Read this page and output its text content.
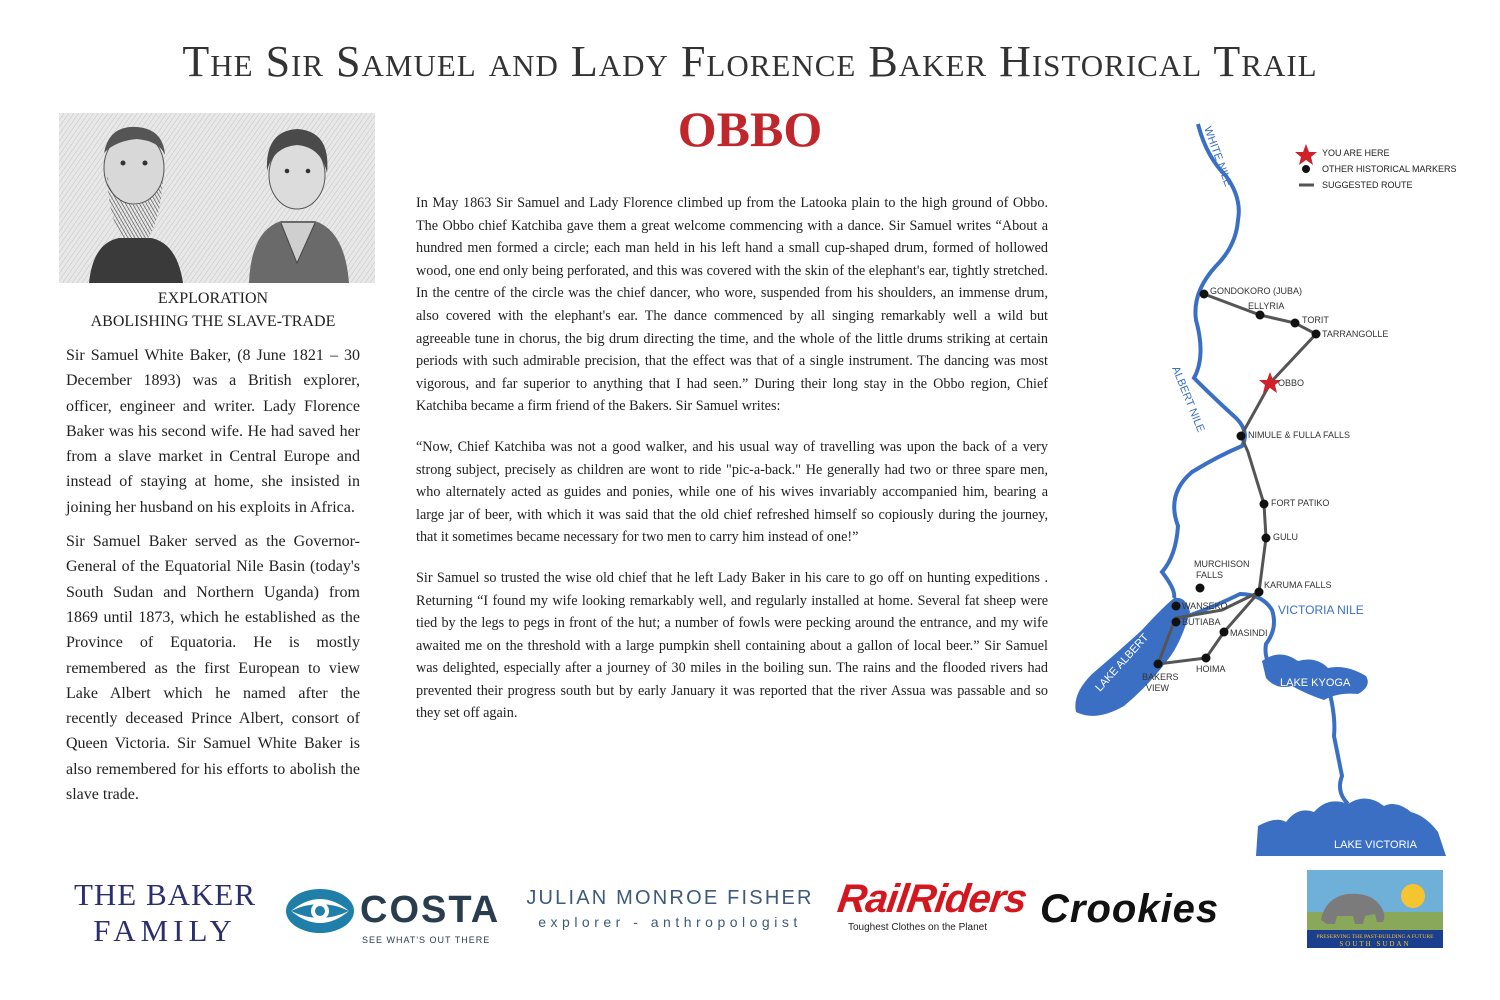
The Sir Samuel and Lady Florence Baker Historical Trail
OBBO
EXPLORATION
ABOLISHING THE SLAVE-TRADE

Sir Samuel White Baker, (8 June 1821 – 30 December 1893) was a British explorer, officer, engineer and writer. Lady Florence Baker was his second wife. He had saved her from a slave market in Central Europe and instead of staying at home, she insisted in joining her husband on his exploits in Africa.

Sir Samuel Baker served as the Governor-General of the Equatorial Nile Basin (today's South Sudan and Northern Uganda) from 1869 until 1873, which he established as the Province of Equatoria. He is mostly remembered as the first European to view Lake Albert which he named after the recently deceased Prince Albert, consort of Queen Victoria. Sir Samuel White Baker is also remembered for his efforts to abolish the slave trade.

In May 1863 Sir Samuel and Lady Florence climbed up from the Latooka plain to the high ground of Obbo. The Obbo chief Katchiba gave them a great welcome commencing with a dance. Sir Samuel writes “About a hundred men formed a circle; each man held in his left hand a small cup-shaped drum, formed of hollowed wood, one end only being perforated, and this was covered with the skin of the elephant's ear, tightly stretched. In the centre of the circle was the chief dancer, who wore, suspended from his shoulders, an immense drum, also covered with the elephant's ear. The dance commenced by all singing remarkably well a wild but agreeable tune in chorus, the big drum directing the time, and the whole of the little drums striking at certain periods with such admirable precision, that the effect was that of a single instrument. The dancing was most vigorous, and far superior to anything that I had seen.” During their long stay in the Obbo region, Chief Katchiba became a firm friend of the Bakers. Sir Samuel writes:

“Now, Chief Katchiba was not a good walker, and his usual way of travelling was upon the back of a very strong subject, precisely as children are wont to ride "pic-a-back." He generally had two or three spare men, who alternately acted as guides and ponies, while one of his wives invariably accompanied him, bearing a large jar of beer, with which it was said that the old chief refreshed himself so copiously during the journey, that it sometimes became necessary for two men to carry him instead of one!”

Sir Samuel so trusted the wise old chief that he left Lady Baker in his care to go off on hunting expeditions . Returning “I found my wife looking remarkably well, and regularly installed at home. Several fat sheep were tied by the legs to pegs in front of the hut; a number of fowls were pecking around the entrance, and my wife awaited me on the threshold with a large pumpkin shell containing about a gallon of local beer.” Sir Samuel was delighted, especially after a journey of 30 miles in the boiling sun. The rains and the flooded rivers had prevented their progress south but by early January it was reported that the river Assua was passable and so they set off again.

YOU ARE HERE
OTHER HISTORICAL MARKERS
SUGGESTED ROUTE
GONDOKORO (JUBA)
ELLYRIA
TORIT
TARRANGOLLE
OBBO
NIMULE & FULLA FALLS
FORT PATIKO
GULU
MURCHISON
FALLS
KARUMA FALLS
WANSEKO
BUTIABA
MASINDI
HOIMA
BAKERS
VIEW
WHITE NILE
ALBERT NILE
VICTORIA NILE
LAKE ALBERT	LAKE KYOGA
LAKE VICTORIA
THE BAKER
FAMILY	COSTA
SEE WHAT'S OUT THERE
JULIAN MONROE FISHER
explorer - anthropologist
RailRiders
Toughest Clothes on the Planet	Crookies
PRESERVING THE PAST-BUILDING A FUTURE
SOUTH SUDAN
